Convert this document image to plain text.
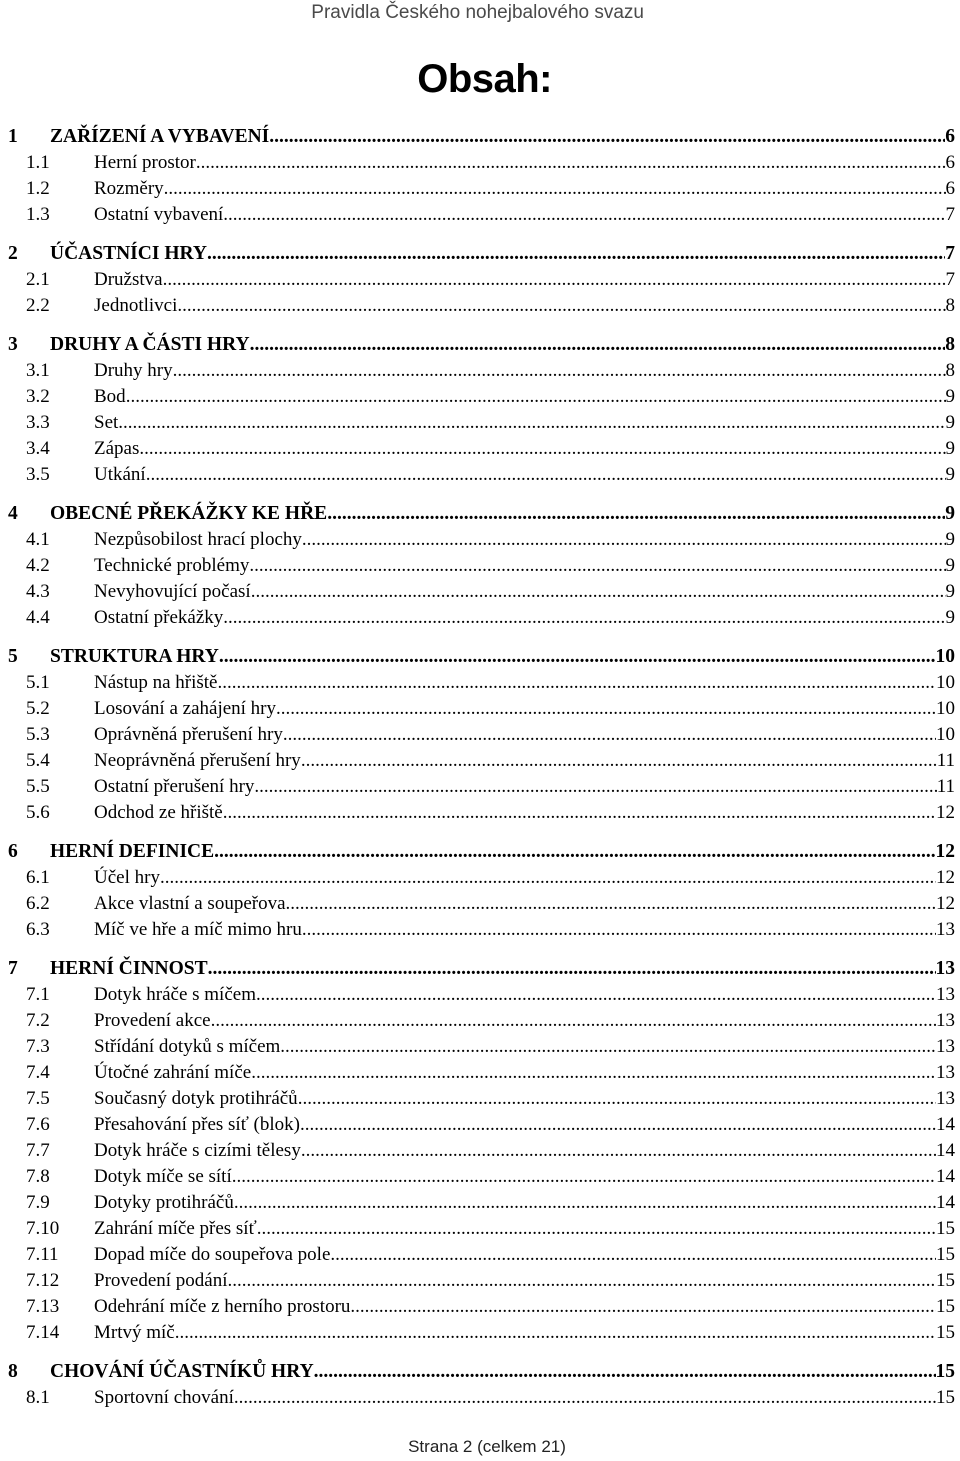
Pravidla Českého nohejbalového svazu
Obsah:
1 ZAŘÍZENÍ A VYBAVENÍ .....	6
1.1 Herní prostor .....	6
1.2 Rozměry .....	6
1.3 Ostatní vybavení .....	7
2 ÚČASTNÍCI HRY .....	7
2.1 Družstva .....	7
2.2 Jednotlivci .....	8
3 DRUHY A ČÁSTI HRY .....	8
3.1 Druhy hry .....	8
3.2 Bod .....	9
3.3 Set .....	9
3.4 Zápas .....	9
3.5 Utkání .....	9
4 OBECNÉ PŘEKÁŽKY KE HŘE .....	9
4.1 Nezpůsobilost hrací plochy .....	9
4.2 Technické problémy .....	9
4.3 Nevyhovující počasí .....	9
4.4 Ostatní překážky .....	9
5 STRUKTURA HRY .....	10
5.1 Nástup na hřiště .....	10
5.2 Losování a zahájení hry .....	10
5.3 Oprávněná přerušení hry .....	10
5.4 Neoprávněná přerušení hry .....	11
5.5 Ostatní přerušení hry .....	11
5.6 Odchod ze hřiště .....	12
6 HERNÍ DEFINICE .....	12
6.1 Účel hry .....	12
6.2 Akce vlastní a soupeřova .....	12
6.3 Míč ve hře a míč mimo hru .....	13
7 HERNÍ ČINNOST .....	13
7.1 Dotyk hráče s míčem .....	13
7.2 Provedení akce .....	13
7.3 Střídání dotyků s míčem .....	13
7.4 Útočné zahrání míče .....	13
7.5 Současný dotyk protihráčů .....	13
7.6 Přesahování přes síť (blok) .....	14
7.7 Dotyk hráče s cizími tělesy .....	14
7.8 Dotyk míče se sítí .....	14
7.9 Dotyky protihráčů .....	14
7.10 Zahrání míče přes síť .....	15
7.11 Dopad míče do soupeřova pole .....	15
7.12 Provedení podání .....	15
7.13 Odehrání míče z herního prostoru .....	15
7.14 Mrtvý míč .....	15
8 CHOVÁNÍ ÚČASTNÍKŮ HRY .....	15
8.1 Sportovní chování .....	15
Strana 2 (celkem 21)
